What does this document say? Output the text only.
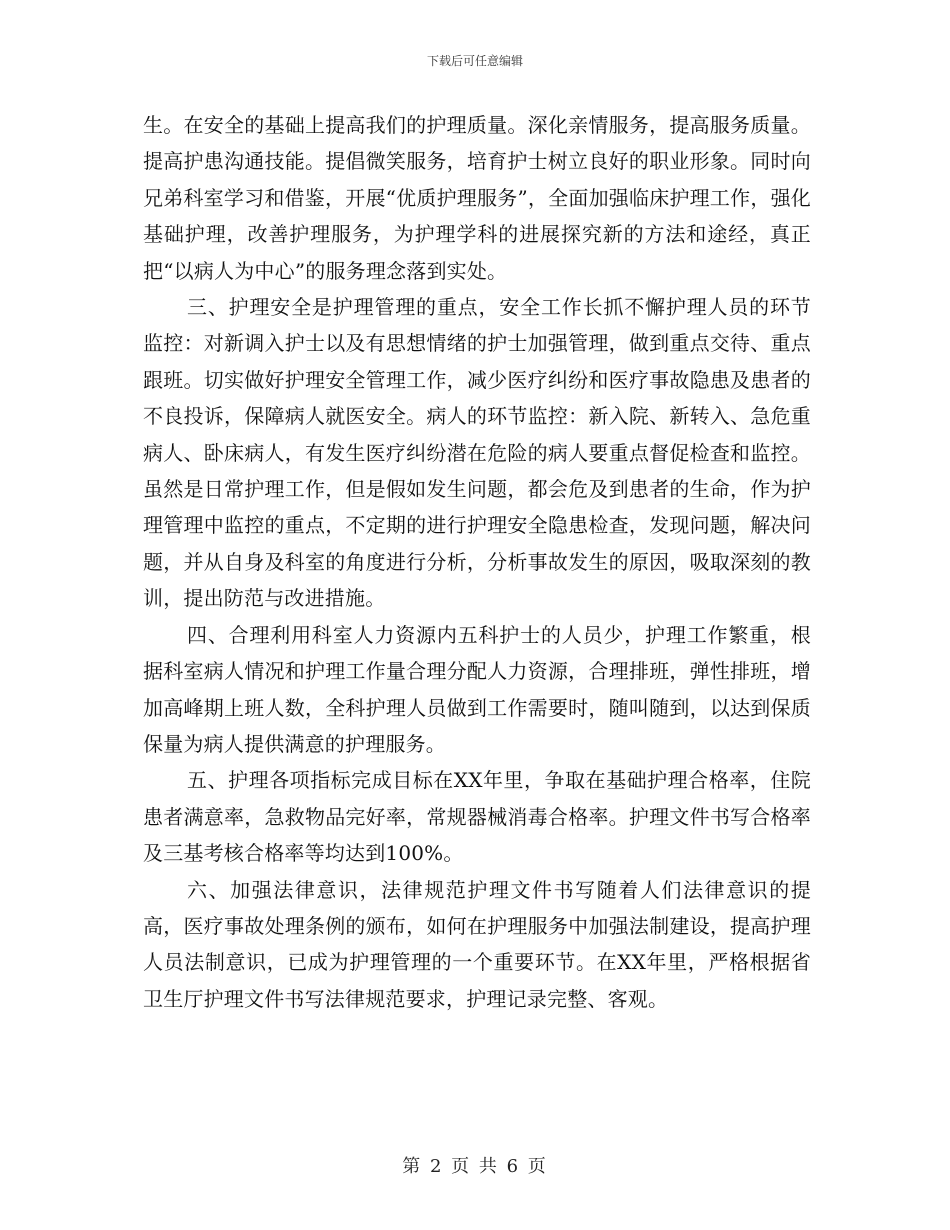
下载后可任意编辑

生。在安全的基础上提高我们的护理质量。深化亲情服务，提高服务质量。提高护患沟通技能。提倡微笑服务，培育护士树立良好的职业形象。同时向兄弟科室学习和借鉴，开展“优质护理服务”，全面加强临床护理工作，强化基础护理，改善护理服务，为护理学科的进展探究新的方法和途经，真正把“以病人为中心”的服务理念落到实处。

三、护理安全是护理管理的重点，安全工作长抓不懈护理人员的环节监控：对新调入护士以及有思想情绪的护士加强管理，做到重点交待、重点跟班。切实做好护理安全管理工作，减少医疗纠纷和医疗事故隐患及患者的不良投诉，保障病人就医安全。病人的环节监控：新入院、新转入、急危重病人、卧床病人，有发生医疗纠纷潜在危险的病人要重点督促检查和监控。虽然是日常护理工作，但是假如发生问题，都会危及到患者的生命，作为护理管理中监控的重点，不定期的进行护理安全隐患检查，发现问题，解决问题，并从自身及科室的角度进行分析，分析事故发生的原因，吸取深刻的教训，提出防范与改进措施。

四、合理利用科室人力资源内五科护士的人员少，护理工作繁重，根据科室病人情况和护理工作量合理分配人力资源，合理排班，弹性排班，增加高峰期上班人数，全科护理人员做到工作需要时，随叫随到，以达到保质保量为病人提供满意的护理服务。

五、护理各项指标完成目标在XX年里，争取在基础护理合格率，住院患者满意率，急救物品完好率，常规器械消毒合格率。护理文件书写合格率及三基考核合格率等均达到100%。

六、加强法律意识，法律规范护理文件书写随着人们法律意识的提高，医疗事故处理条例的颁布，如何在护理服务中加强法制建设，提高护理人员法制意识，已成为护理管理的一个重要环节。在XX年里，严格根据省卫生厅护理文件书写法律规范要求，护理记录完整、客观。

第 2 页 共 6 页
